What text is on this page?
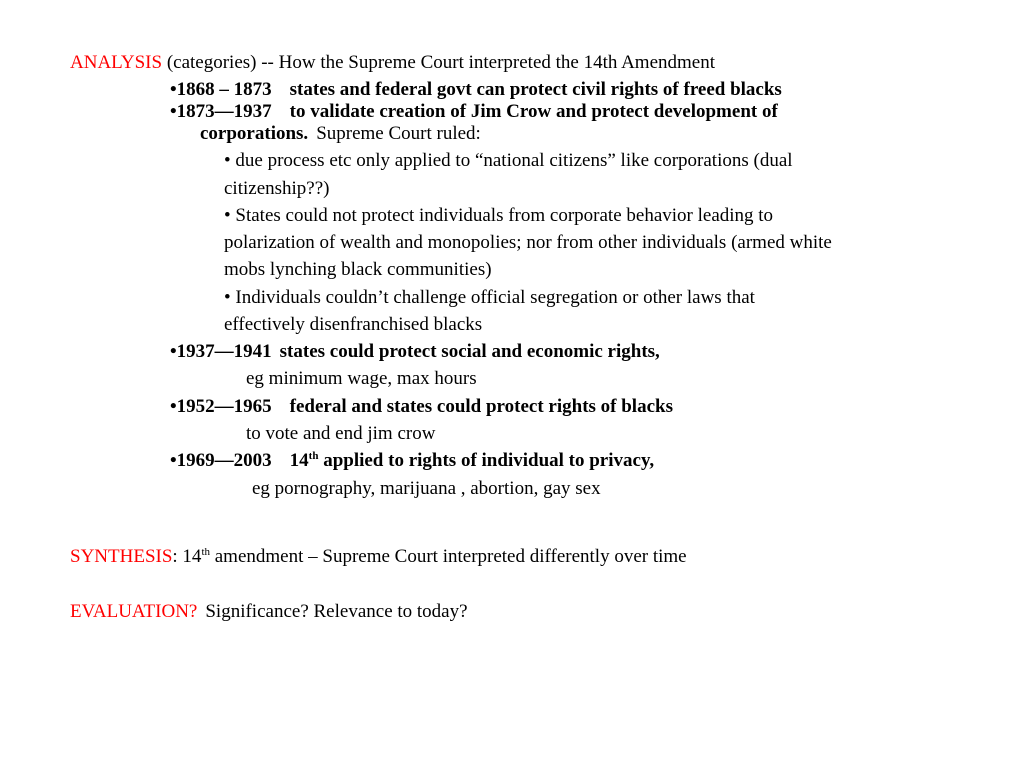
ANALYSIS (categories) -- How the Supreme Court interpreted the 14th Amendment
•1868 – 1873 states and federal govt can protect civil rights of freed blacks
•1873—1937 to validate creation of Jim Crow and protect development of
corporations. Supreme Court ruled:
• due process etc only applied to “national citizens” like corporations (dual
citizenship??)
• States could not protect individuals from corporate behavior leading to
polarization of wealth and monopolies; nor from other individuals (armed white
mobs lynching black communities)
• Individuals couldn’t challenge official segregation or other laws that
effectively disenfranchised blacks
•1937—1941 states could protect social and economic rights,
eg minimum wage, max hours
•1952—1965 federal and states could protect rights of blacks
to vote and end jim crow
•1969—2003 14th applied to rights of individual to privacy,
eg pornography, marijuana , abortion, gay sex
SYNTHESIS: 14th amendment – Supreme Court interpreted differently over time
EVALUATION? Significance? Relevance to today?
